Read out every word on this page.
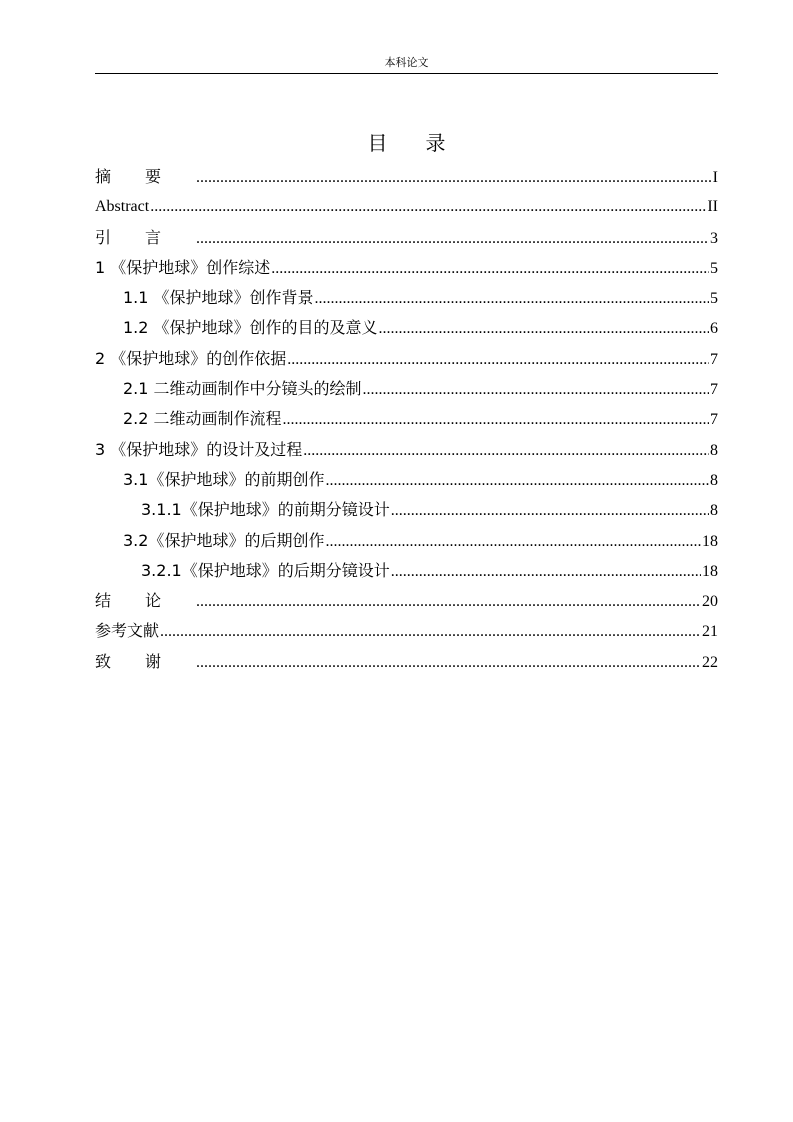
本科论文
目录
摘要 .....	I
Abstract .....	II
引言 .....	3
1 《保护地球》创作综述 .....	5
1.1 《保护地球》创作背景 .....	5
1.2 《保护地球》创作的目的及意义 .....	6
2 《保护地球》的创作依据 .....	7
2.1 二维动画制作中分镜头的绘制 .....	7
2.2 二维动画制作流程 .....	7
3 《保护地球》的设计及过程 .....	8
3.1《保护地球》的前期创作 .....	8
3.1.1《保护地球》的前期分镜设计 .....	8
3.2《保护地球》的后期创作 .....	18
3.2.1《保护地球》的后期分镜设计 .....	18
结论 .....	20
参考文献 .....	21
致谢 .....	22
